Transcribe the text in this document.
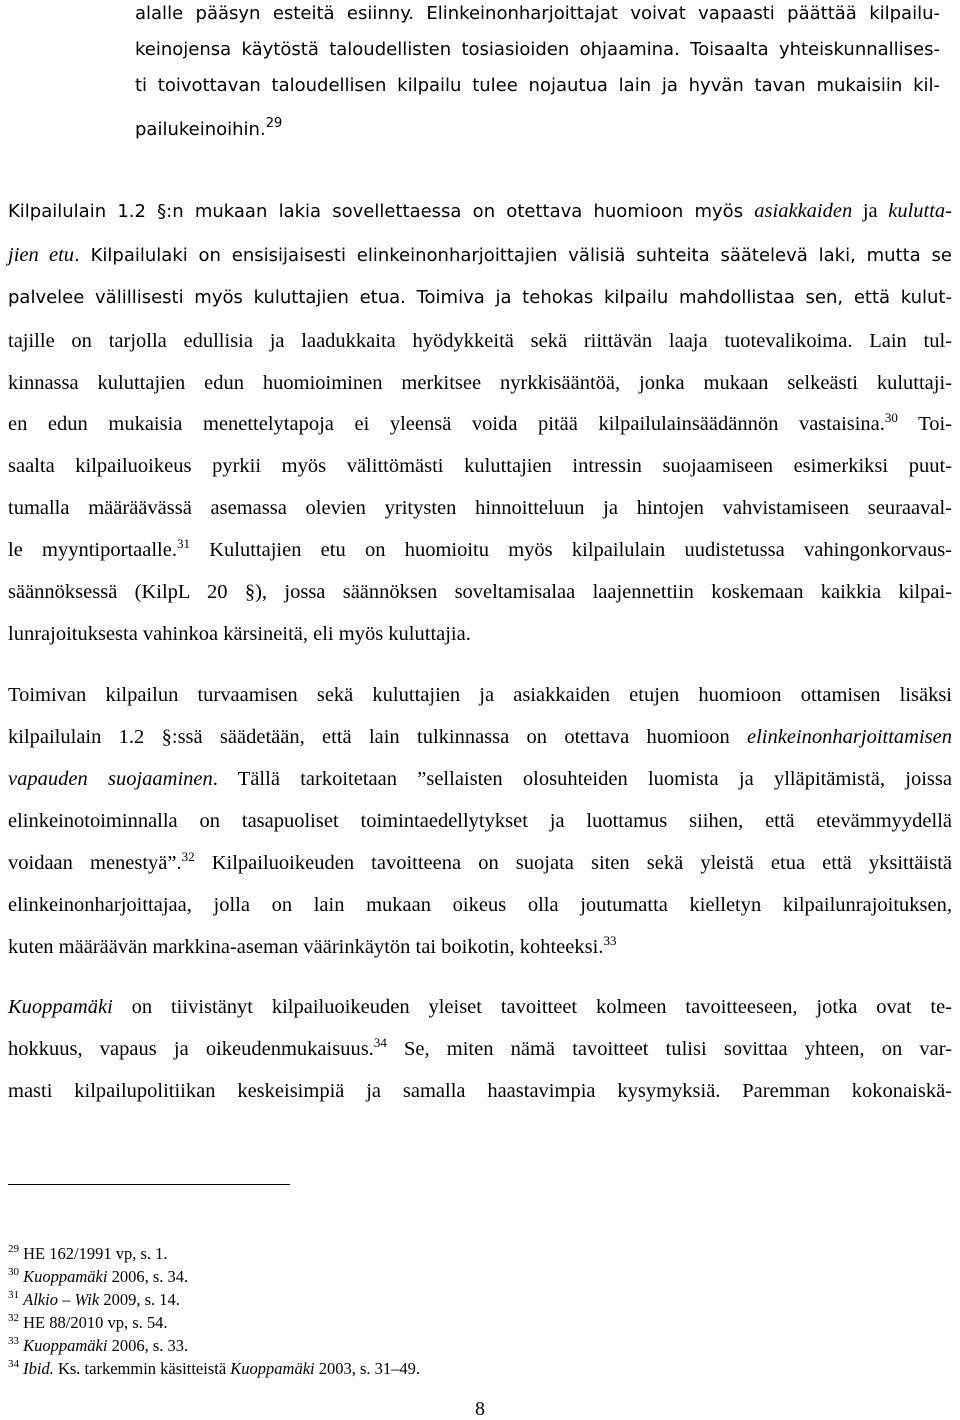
alalle pääsyn esteitä esiinny. Elinkeinonharjoittajat voivat vapaasti päättää kilpailu-
keinojensa käytöstä taloudellisten tosiasioiden ohjaamina. Toisaalta yhteiskunnallises-
ti toivottavan taloudellisen kilpailu tulee nojautua lain ja hyvän tavan mukaisiin kil-
pailukeinoihin.$^{29}$
Kilpailulain 1.2 §:n mukaan lakia sovellettaessa on otettava huomioon myös asiakkaiden ja kulutta-
jien etu. Kilpailulaki on ensisijaisesti elinkeinonharjoittajien välisiä suhteita säätelevä laki, mutta se
palvelee välillisesti myös kuluttajien etua. Toimiva ja tehokas kilpailu mahdollistaa sen, että kulut-
tajille on tarjolla edullisia ja laadukkaita hyödykkeitä sekä riittävän laaja tuotevalikoima. Lain tul-
kinnassa kuluttajien edun huomioiminen merkitsee nyrkkisääntöä, jonka mukaan selkeästi kuluttaji-
en edun mukaisia menettelytapoja ei yleensä voida pitää kilpailulainsäädännön vastaisina.$^{30}$ Toi-
saalta kilpailuoikeus pyrkii myös välittömästi kuluttajien intressin suojaamiseen esimerkiksi puut-
tumalla määräävässä asemassa olevien yritysten hinnoitteluun ja hintojen vahvistamiseen seuraaval-
le myyntiportaalle.$^{31}$ Kuluttajien etu on huomioitu myös kilpailulain uudistetussa vahingonkorvaus-
säännöksessä (KilpL 20 §), jossa säännöksen soveltamisalaa laajennettiin koskemaan kaikkia kilpai-
lunrajoituksesta vahinkoa kärsineitä, eli myös kuluttajia.
Toimivan kilpailun turvaamisen sekä kuluttajien ja asiakkaiden etujen huomioon ottamisen lisäksi
kilpailulain 1.2 §:ssä säädetään, että lain tulkinnassa on otettava huomioon elinkeinonharjoittamisen
vapauden suojaaminen. Tällä tarkoitetaan ”sellaisten olosuhteiden luomista ja ylläpitämistä, joissa
elinkeinotoiminnalla on tasapuoliset toimintaedellytykset ja luottamus siihen, että etevämmyydellä
voidaan menestyä”.$^{32}$ Kilpailuoikeuden tavoitteena on suojata siten sekä yleistä etua että yksittäistä
elinkeinonharjoittajaa, jolla on lain mukaan oikeus olla joutumatta kielletyn kilpailunrajoituksen,
kuten määräävän markkina-aseman väärinkäytön tai boikotin, kohteeksi.$^{33}$
Kuoppamäki on tiivistänyt kilpailuoikeuden yleiset tavoitteet kolmeen tavoitteeseen, jotka ovat te-
hokkuus, vapaus ja oikeudenmukaisuus.$^{34}$ Se, miten nämä tavoitteet tulisi sovittaa yhteen, on var-
masti kilpailupolitiikan keskeisimpiä ja samalla haastavimpia kysymyksiä. Paremman kokonaiskä-
$^{29}$ HE 162/1991 vp, s. 1.
$^{30}$ Kuoppamäki 2006, s. 34.
$^{31}$ Alkio – Wik 2009, s. 14.
$^{32}$ HE 88/2010 vp, s. 54.
$^{33}$ Kuoppamäki 2006, s. 33.
$^{34}$ Ibid. Ks. tarkemmin käsitteistä Kuoppamäki 2003, s. 31–49.
8
